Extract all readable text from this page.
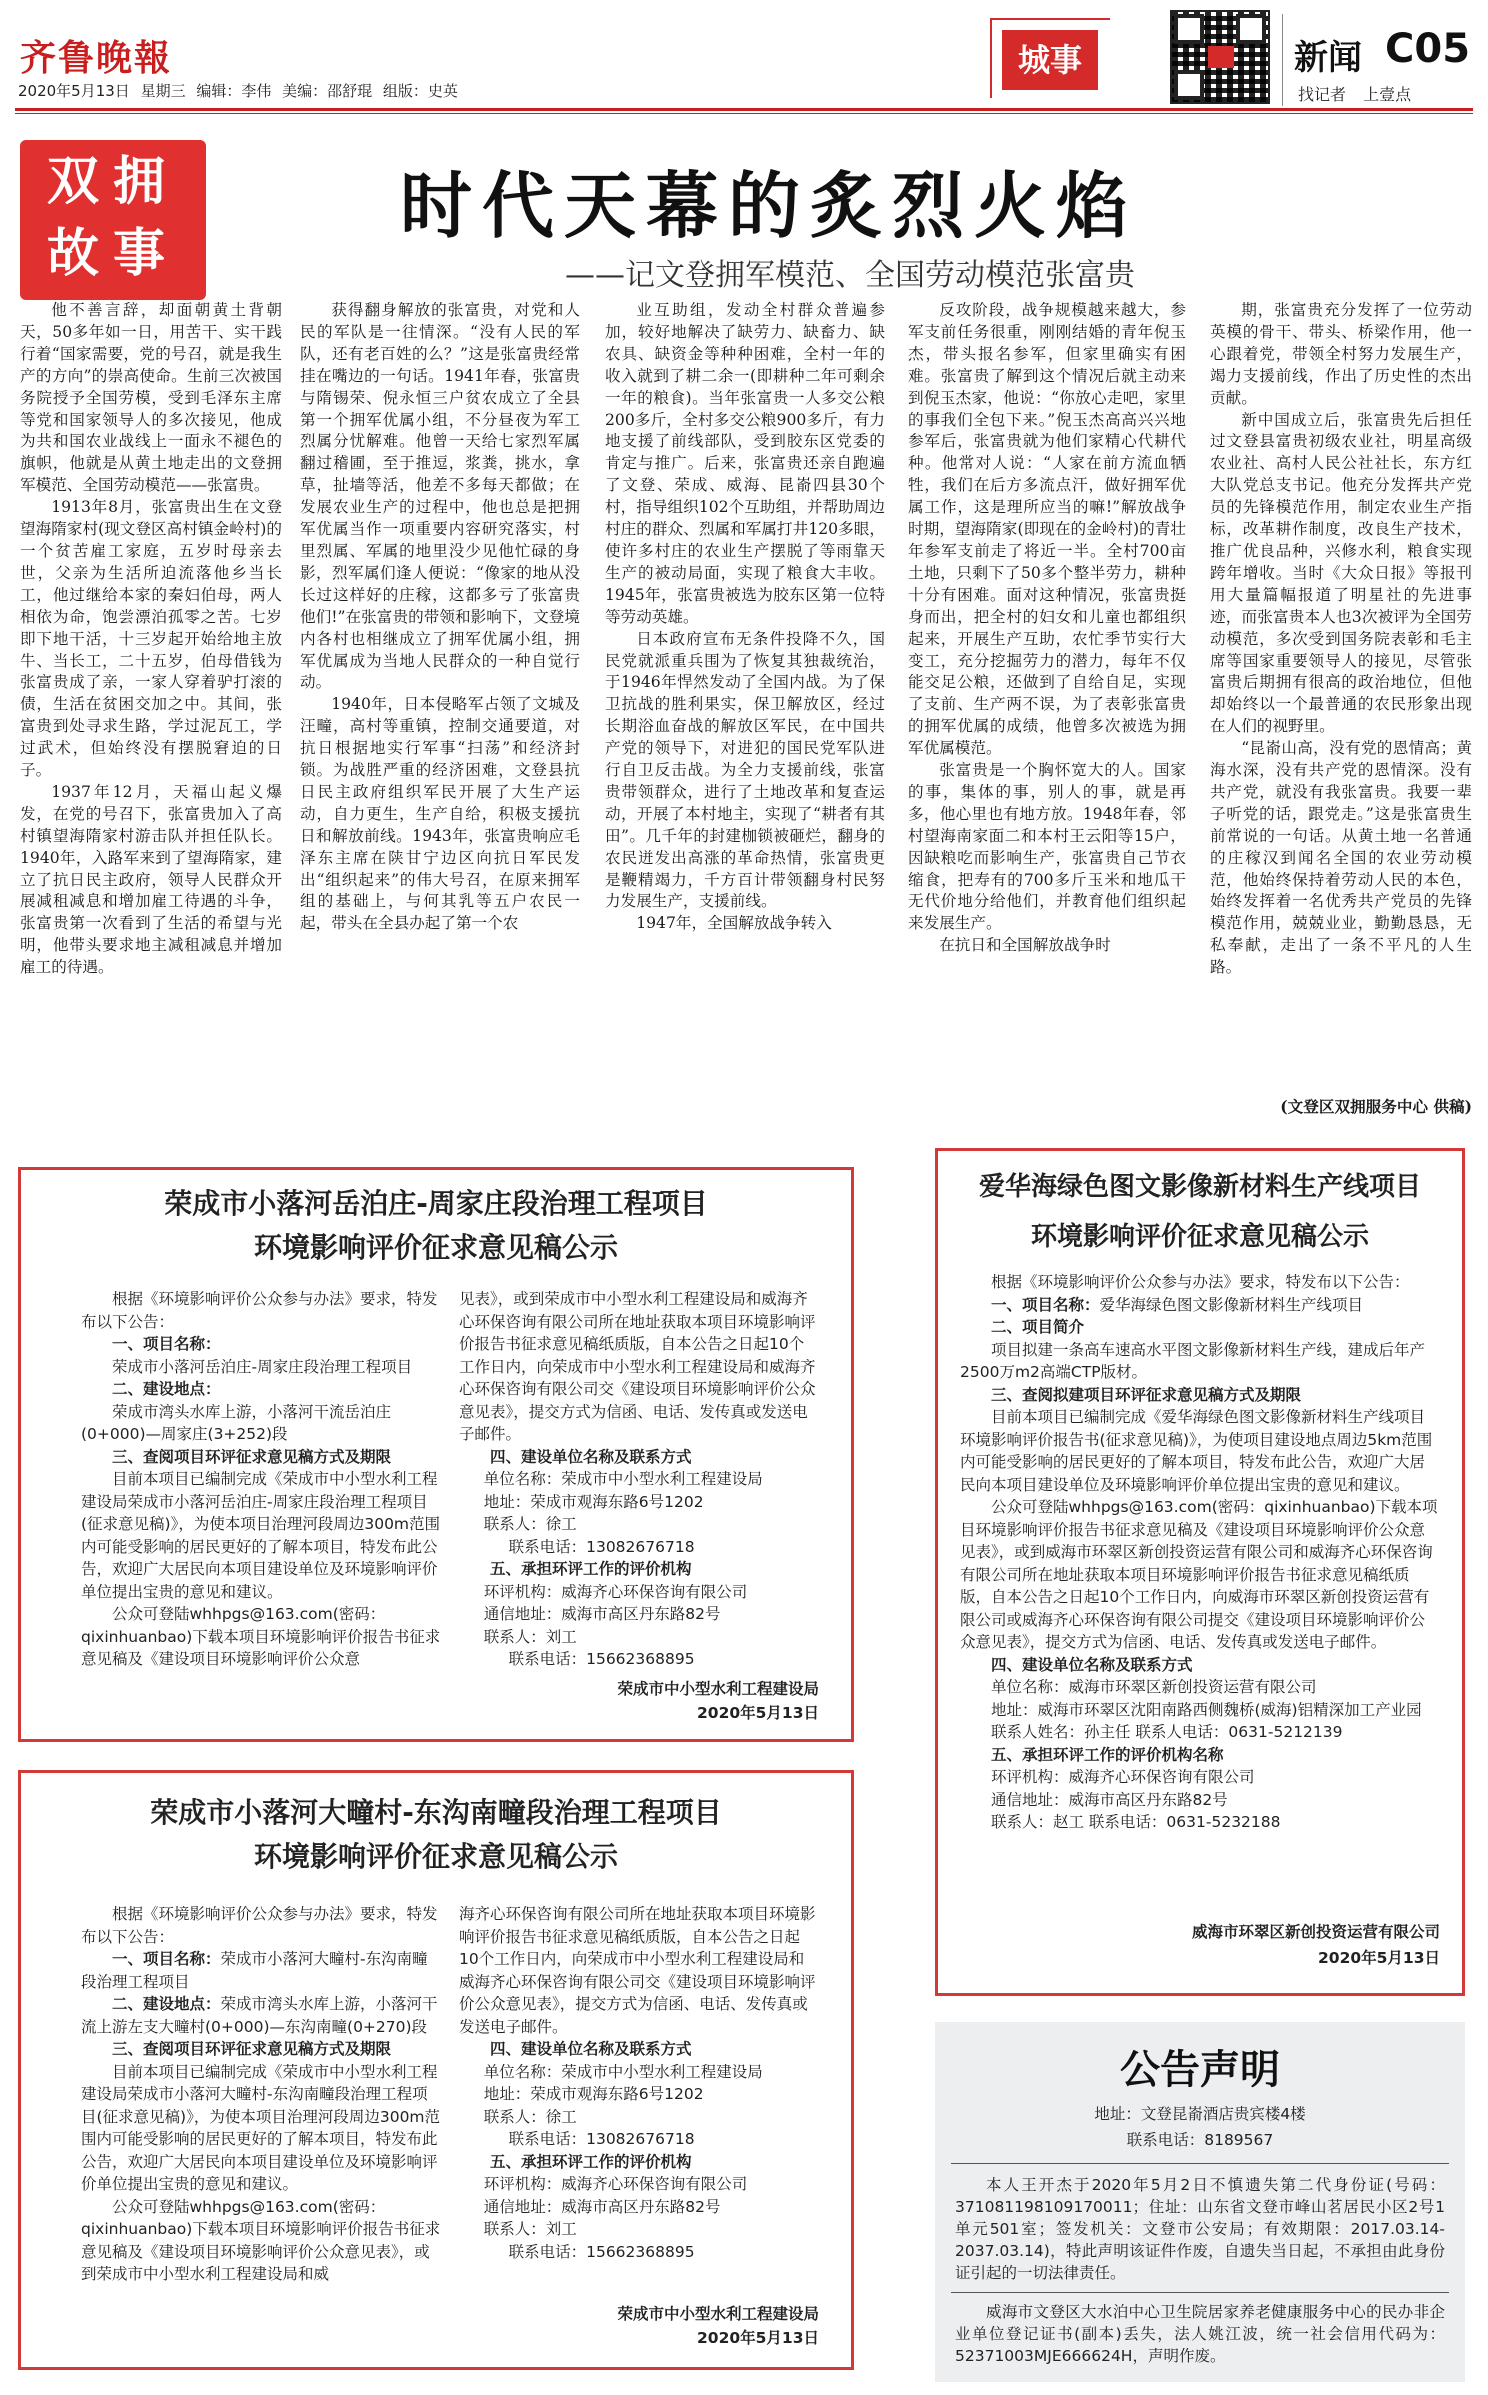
齐鲁晚報
2020年5月13日 星期三 编辑：李伟 美编：邵舒琨 组版：史英
城事	新闻 C05
找记者 上壹点
双拥
故事
时代天幕的炙烈火焰
——记文登拥军模范、全国劳动模范张富贵

他不善言辞，却面朝黄土背朝天，50多年如一日，用苦干、实干践行着“国家需要，党的号召，就是我生产的方向”的崇高使命。生前三次被国务院授予全国劳模，受到毛泽东主席等党和国家领导人的多次接见，他成为共和国农业战线上一面永不褪色的旗帜，他就是从黄土地走出的文登拥军模范、全国劳动模范——张富贵。

1913年8月，张富贵出生在文登望海隋家村(现文登区高村镇金岭村)的一个贫苦雇工家庭，五岁时母亲去世，父亲为生活所迫流落他乡当长工，他过继给本家的秦妇伯母，两人相依为命，饱尝漂泊孤零之苦。七岁即下地干活，十三岁起开始给地主放牛、当长工，二十五岁，伯母借钱为张富贵成了亲，一家人穿着驴打滚的债，生活在贫困交加之中。其间，张富贵到处寻求生路，学过泥瓦工，学过武术，但始终没有摆脱窘迫的日子。

1937年12月，天福山起义爆发，在党的号召下，张富贵加入了高村镇望海隋家村游击队并担任队长。1940年，入路军来到了望海隋家，建立了抗日民主政府，领导人民群众开展减租减息和增加雇工待遇的斗争，张富贵第一次看到了生活的希望与光明，他带头要求地主减租减息并增加雇工的待遇。

获得翻身解放的张富贵，对党和人民的军队是一往情深。“没有人民的军队，还有老百姓的么？”这是张富贵经常挂在嘴边的一句话。1941年春，张富贵与隋锡荣、倪永恒三户贫农成立了全县第一个拥军优属小组，不分昼夜为军工烈属分忧解难。他曾一天给七家烈军属翻过稽圃，至于推逗，浆粪，挑水，拿草，扯墙等活，他差不多每天都做；在发展农业生产的过程中，他也总是把拥军优属当作一项重要内容研究落实，村里烈属、军属的地里没少见他忙碌的身影，烈军属们逢人便说：“像家的地从没长过这样好的庄稼，这都多亏了张富贵他们!”在张富贵的带领和影响下，文登境内各村也相继成立了拥军优属小组，拥军优属成为当地人民群众的一种自觉行动。

1940年，日本侵略军占领了文城及汪疃，高村等重镇，控制交通要道，对抗日根据地实行军事“扫荡”和经济封锁。为战胜严重的经济困难，文登县抗日民主政府组织军民开展了大生产运动，自力更生，生产自给，积极支援抗日和解放前线。1943年，张富贵响应毛泽东主席在陕甘宁边区向抗日军民发出“组织起来”的伟大号召，在原来拥军组的基础上，与何其乳等五户农民一起，带头在全县办起了第一个农

业互助组，发动全村群众普遍参加，较好地解决了缺劳力、缺畜力、缺农具、缺资金等种种困难，全村一年的收入就到了耕二余一(即耕种二年可剩余一年的粮食)。当年张富贵一人多交公粮200多斤，全村多交公粮900多斤，有力地支援了前线部队，受到胶东区党委的肯定与推广。后来，张富贵还亲自跑遍了文登、荣成、威海、昆嵛四县30个村，指导组织102个互助组，并帮助周边村庄的群众、烈属和军属打井120多眼，使许多村庄的农业生产摆脱了等雨靠天生产的被动局面，实现了粮食大丰收。1945年，张富贵被选为胶东区第一位特等劳动英雄。

日本政府宣布无条件投降不久，国民党就派重兵围为了恢复其独裁统治，于1946年悍然发动了全国内战。为了保卫抗战的胜利果实，保卫解放区，经过长期浴血奋战的解放区军民，在中国共产党的领导下，对进犯的国民党军队进行自卫反击战。为全力支援前线，张富贵带领群众，进行了土地改革和复查运动，开展了本村地主，实现了“耕者有其田”。几千年的封建枷锁被砸烂，翻身的农民迸发出高涨的革命热情，张富贵更是鞭精竭力，千方百计带领翻身村民努力发展生产，支援前线。

1947年，全国解放战争转入

反攻阶段，战争规模越来越大，参军支前任务很重，刚刚结婚的青年倪玉杰，带头报名参军，但家里确实有困难。张富贵了解到这个情况后就主动来到倪玉杰家，他说：“你放心走吧，家里的事我们全包下来。”倪玉杰高高兴兴地参军后，张富贵就为他们家精心代耕代种。他常对人说：“人家在前方流血牺牲，我们在后方多流点汗，做好拥军优属工作，这是理所应当的嘛!”解放战争时期，望海隋家(即现在的金岭村)的青壮年参军支前走了将近一半。全村700亩土地，只剩下了50多个整半劳力，耕种十分有困难。面对这种情况，张富贵挺身而出，把全村的妇女和儿童也都组织起来，开展生产互助，农忙季节实行大变工，充分挖掘劳力的潜力，每年不仅能交足公粮，还做到了自给自足，实现了支前、生产两不误，为了表彰张富贵的拥军优属的成绩，他曾多次被选为拥军优属模范。

张富贵是一个胸怀宽大的人。国家的事，集体的事，别人的事，就是再多，他心里也有地方放。1948年春，邻村望海南家面二和本村王云阳等15户，因缺粮吃而影响生产，张富贵自己节衣缩食，把寿有的700多斤玉米和地瓜干无代价地分给他们，并教育他们组织起来发展生产。

在抗日和全国解放战争时

期，张富贵充分发挥了一位劳动英模的骨干、带头、桥梁作用，他一心跟着党，带领全村努力发展生产，竭力支援前线，作出了历史性的杰出贡献。

新中国成立后，张富贵先后担任过文登县富贵初级农业社，明星高级农业社、高村人民公社社长，东方红大队党总支书记。他充分发挥共产党员的先锋模范作用，制定农业生产指标，改革耕作制度，改良生产技术，推广优良品种，兴修水利，粮食实现跨年增收。当时《大众日报》等报刊用大量篇幅报道了明星社的先进事迹，而张富贵本人也3次被评为全国劳动模范，多次受到国务院表彰和毛主席等国家重要领导人的接见，尽管张富贵后期拥有很高的政治地位，但他却始终以一个最普通的农民形象出现在人们的视野里。

“昆嵛山高，没有党的恩情高；黄海水深，没有共产党的恩情深。没有共产党，就没有我张富贵。我要一辈子听党的话，跟党走。”这是张富贵生前常说的一句话。从黄土地一名普通的庄稼汉到闻名全国的农业劳动模范，他始终保持着劳动人民的本色，始终发挥着一名优秀共产党员的先锋模范作用，兢兢业业，勤勤恳恳，无私奉献，走出了一条不平凡的人生路。

(文登区双拥服务中心 供稿)
荣成市小落河岳泊庄-周家庄段治理工程项目
环境影响评价征求意见稿公示

根据《环境影响评价公众参与办法》要求，特发布以下公告：

一、项目名称：

荣成市小落河岳泊庄-周家庄段治理工程项目

二、建设地点：

荣成市湾头水库上游，小落河干流岳泊庄(0+000)—周家庄(3+252)段

三、查阅项目环评征求意见稿方式及期限

目前本项目已编制完成《荣成市中小型水利工程建设局荣成市小落河岳泊庄-周家庄段治理工程项目(征求意见稿)》，为使本项目治理河段周边300m范围内可能受影响的居民更好的了解本项目，特发布此公告，欢迎广大居民向本项目建设单位及环境影响评价单位提出宝贵的意见和建议。

公众可登陆whhpgs@163.com(密码：qixinhuanbao)下载本项目环境影响评价报告书征求意见稿及《建设项目环境影响评价公众意

见表》，或到荣成市中小型水利工程建设局和威海齐心环保咨询有限公司所在地址获取本项目环境影响评价报告书征求意见稿纸质版，自本公告之日起10个工作日内，向荣成市中小型水利工程建设局和威海齐心环保咨询有限公司交《建设项目环境影响评价公众意见表》，提交方式为信函、电话、发传真或发送电子邮件。

四、建设单位名称及联系方式

单位名称：荣成市中小型水利工程建设局

地址：荣成市观海东路6号1202

联系人：徐工

联系电话：13082676718

五、承担环评工作的评价机构

环评机构：威海齐心环保咨询有限公司

通信地址：威海市高区丹东路82号

联系人：刘工

联系电话：15662368895

荣成市中小型水利工程建设局
2020年5月13日
荣成市小落河大疃村-东沟南疃段治理工程项目
环境影响评价征求意见稿公示

根据《环境影响评价公众参与办法》要求，特发布以下公告：

一、项目名称：荣成市小落河大疃村-东沟南疃段治理工程项目

二、建设地点：荣成市湾头水库上游，小落河干流上游左支大疃村(0+000)—东沟南疃(0+270)段

三、查阅项目环评征求意见稿方式及期限

目前本项目已编制完成《荣成市中小型水利工程建设局荣成市小落河大疃村-东沟南疃段治理工程项目(征求意见稿)》，为使本项目治理河段周边300m范围内可能受影响的居民更好的了解本项目，特发布此公告，欢迎广大居民向本项目建设单位及环境影响评价单位提出宝贵的意见和建议。

公众可登陆whhpgs@163.com(密码：qixinhuanbao)下载本项目环境影响评价报告书征求意见稿及《建设项目环境影响评价公众意见表》，或到荣成市中小型水利工程建设局和威

海齐心环保咨询有限公司所在地址获取本项目环境影响评价报告书征求意见稿纸质版，自本公告之日起10个工作日内，向荣成市中小型水利工程建设局和威海齐心环保咨询有限公司交《建设项目环境影响评价公众意见表》，提交方式为信函、电话、发传真或发送电子邮件。

四、建设单位名称及联系方式

单位名称：荣成市中小型水利工程建设局

地址：荣成市观海东路6号1202

联系人：徐工

联系电话：13082676718

五、承担环评工作的评价机构

环评机构：威海齐心环保咨询有限公司

通信地址：威海市高区丹东路82号

联系人：刘工

联系电话：15662368895

荣成市中小型水利工程建设局
2020年5月13日
爱华海绿色图文影像新材料生产线项目
环境影响评价征求意见稿公示

根据《环境影响评价公众参与办法》要求，特发布以下公告：

一、项目名称：爱华海绿色图文影像新材料生产线项目

二、项目简介

项目拟建一条高车速高水平图文影像新材料生产线，建成后年产2500万m2高端CTP版材。

三、查阅拟建项目环评征求意见稿方式及期限

目前本项目已编制完成《爱华海绿色图文影像新材料生产线项目环境影响评价报告书(征求意见稿)》，为使项目建设地点周边5km范围内可能受影响的居民更好的了解本项目，特发布此公告，欢迎广大居民向本项目建设单位及环境影响评价单位提出宝贵的意见和建议。

公众可登陆whhpgs@163.com(密码：qixinhuanbao)下载本项目环境影响评价报告书征求意见稿及《建设项目环境影响评价公众意见表》，或到威海市环翠区新创投资运营有限公司和威海齐心环保咨询有限公司所在地址获取本项目环境影响评价报告书征求意见稿纸质版，自本公告之日起10个工作日内，向威海市环翠区新创投资运营有限公司或威海齐心环保咨询有限公司提交《建设项目环境影响评价公众意见表》，提交方式为信函、电话、发传真或发送电子邮件。

四、建设单位名称及联系方式

单位名称：威海市环翠区新创投资运营有限公司

地址：威海市环翠区沈阳南路西侧魏桥(威海)铝精深加工产业园

联系人姓名：孙主任 联系人电话：0631-5212139

五、承担环评工作的评价机构名称

环评机构：威海齐心环保咨询有限公司

通信地址：威海市高区丹东路82号

联系人：赵工 联系电话：0631-5232188

威海市环翠区新创投资运营有限公司
2020年5月13日
公告声明
地址：文登昆嵛酒店贵宾楼4楼
联系电话：8189567

本人王开杰于2020年5月2日不慎遗失第二代身份证(号码：371081198109170011；住址：山东省文登市峰山茗居民小区2号1单元501室；签发机关：文登市公安局；有效期限：2017.03.14-2037.03.14)，特此声明该证件作废，自遗失当日起，不承担由此身份证引起的一切法律责任。

威海市文登区大水泊中心卫生院居家养老健康服务中心的民办非企业单位登记证书(副本)丢失，法人姚江波，统一社会信用代码为：52371003MJE666624H，声明作废。
